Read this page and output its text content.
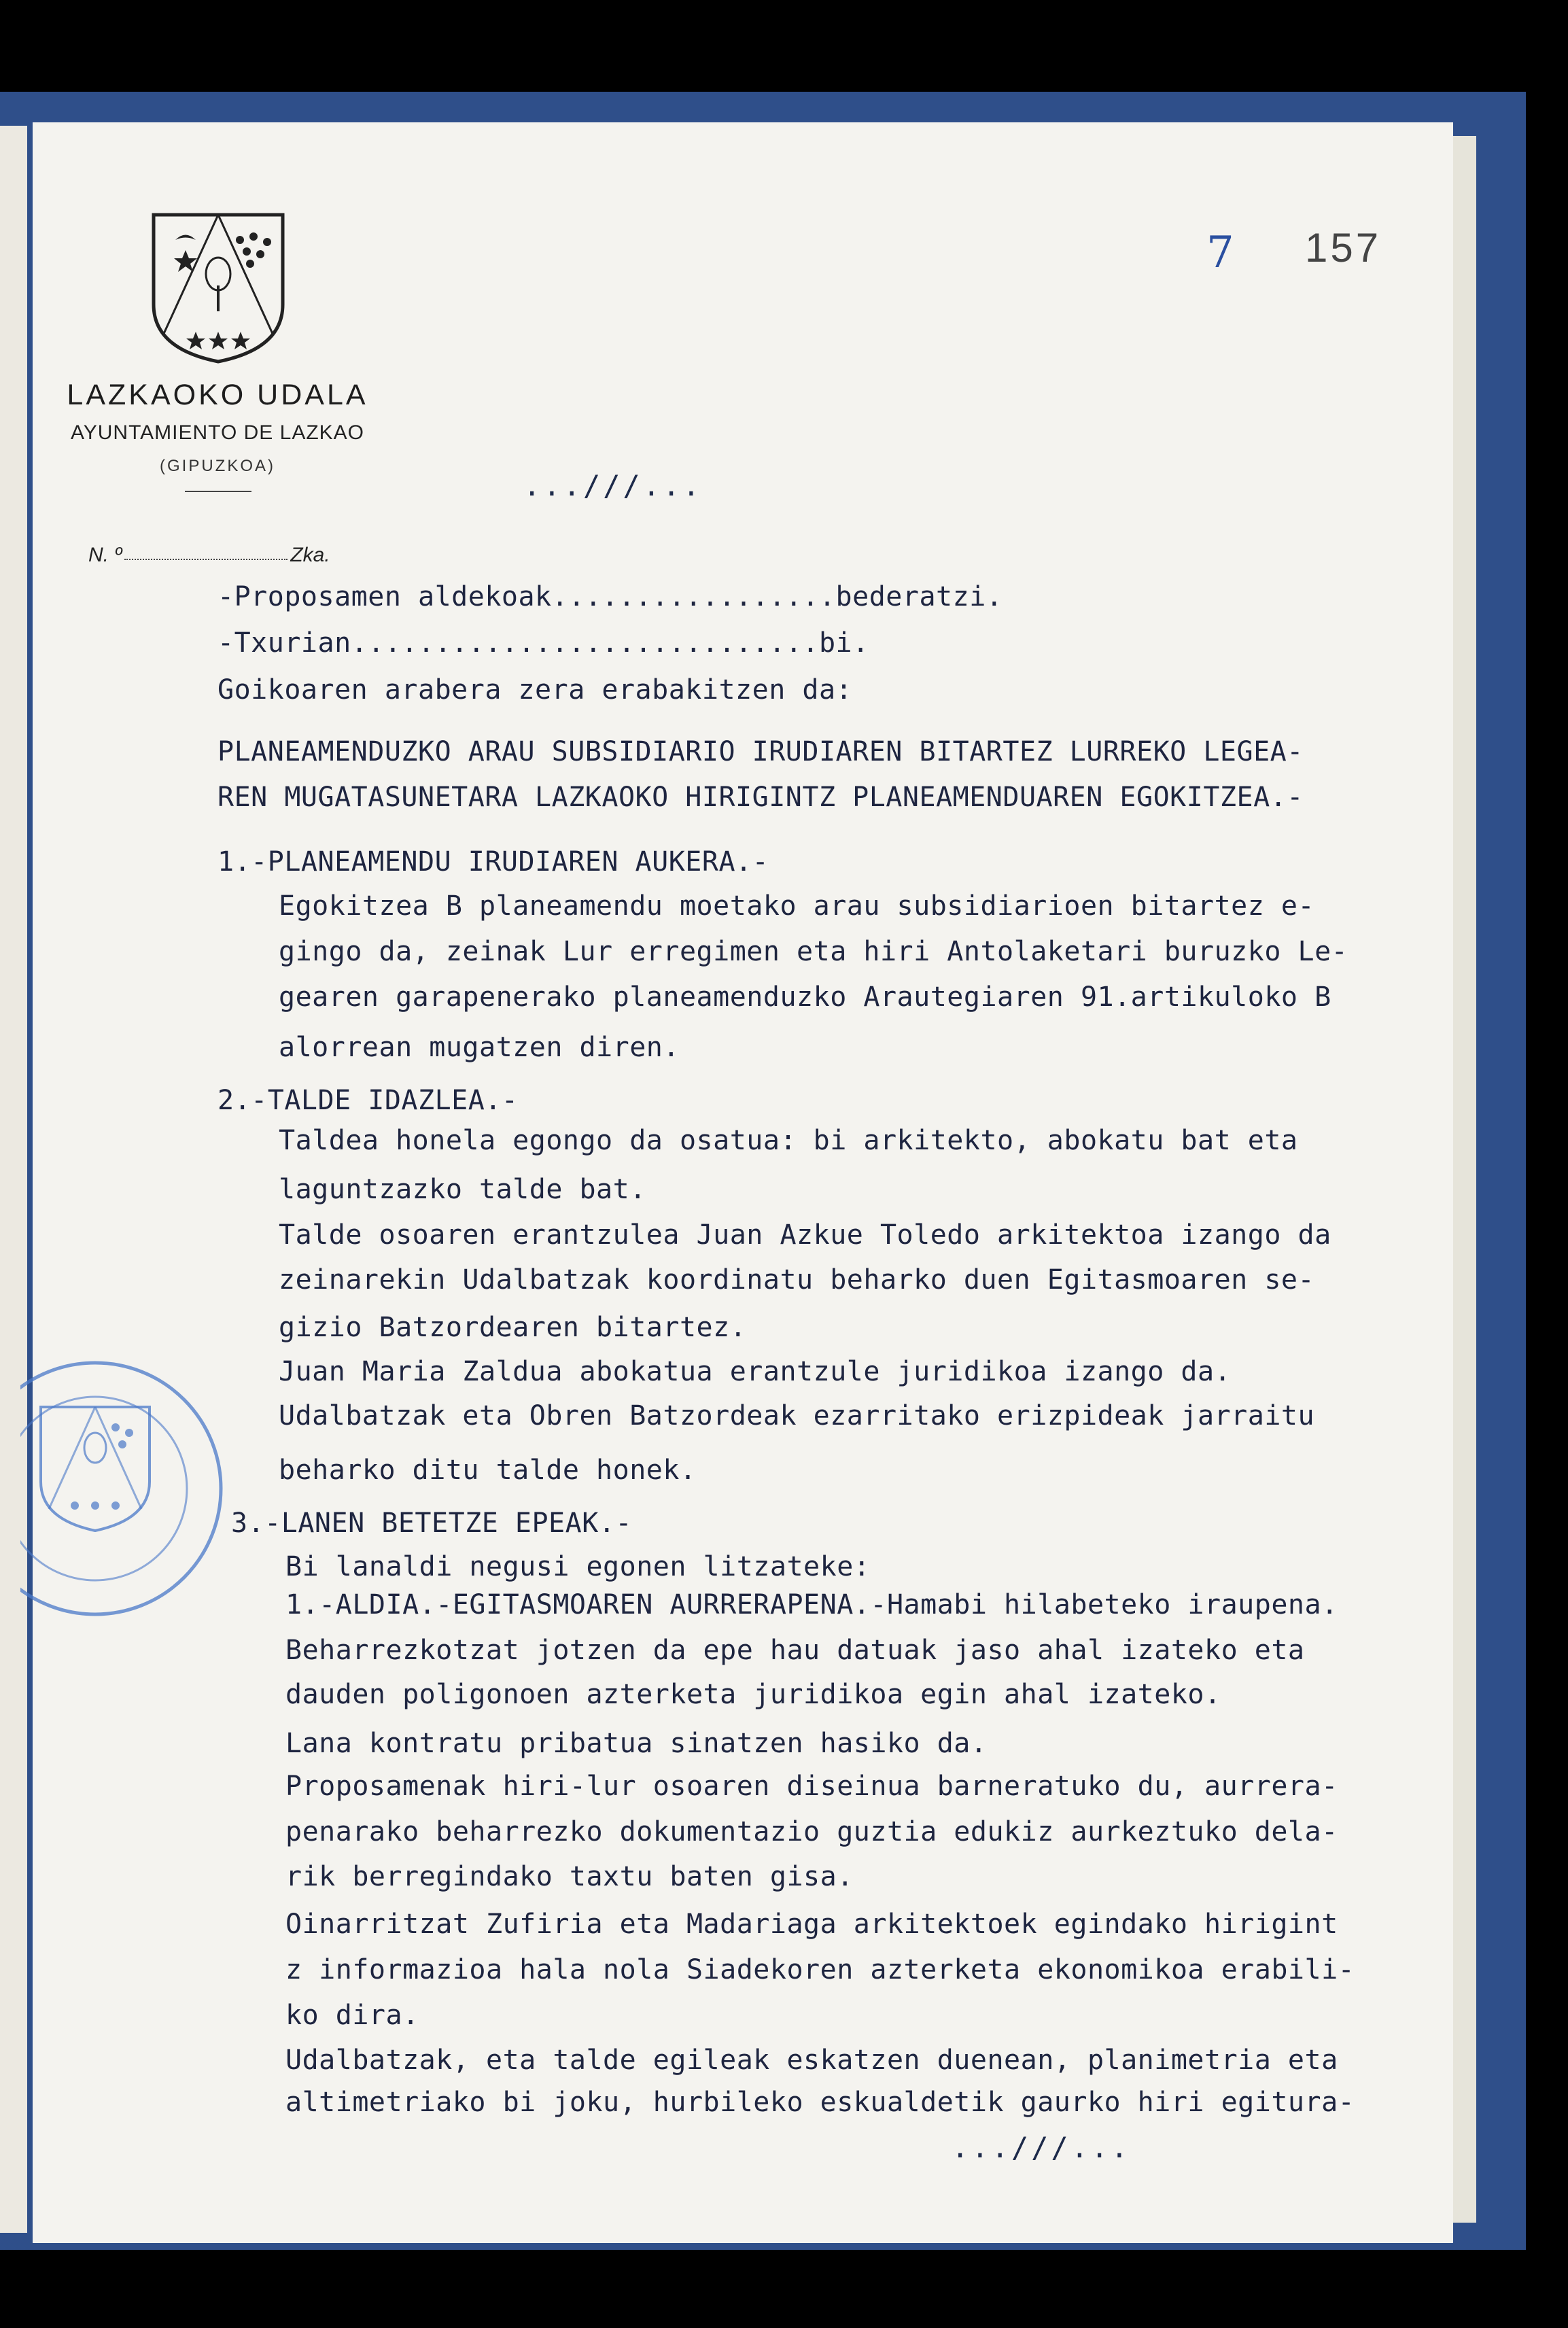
LAZKAOKO UDALA
AYUNTAMIENTO DE LAZKAO
(GIPUZKOA)
N. º	Zka.
7 157
...///...
-Proposamen aldekoak.................bederatzi.
-Txurian............................bi.
Goikoaren arabera zera erabakitzen da:
PLANEAMENDUZKO ARAU SUBSIDIARIO IRUDIAREN BITARTEZ LURREKO LEGEA-
REN MUGATASUNETARA LAZKAOKO HIRIGINTZ PLANEAMENDUAREN EGOKITZEA.-
1.-PLANEAMENDU IRUDIAREN AUKERA.-
Egokitzea B planeamendu moetako arau subsidiarioen bitartez e-
gingo da, zeinak Lur erregimen eta hiri Antolaketari buruzko Le-
gearen garapenerako planeamenduzko Arautegiaren 91.artikuloko B
alorrean mugatzen diren.
2.-TALDE IDAZLEA.-
Taldea honela egongo da osatua: bi arkitekto, abokatu bat eta
laguntzazko talde bat.
Talde osoaren erantzulea Juan Azkue Toledo arkitektoa izango da
zeinarekin Udalbatzak koordinatu beharko duen Egitasmoaren se-
gizio Batzordearen bitartez.
Juan Maria Zaldua abokatua erantzule juridikoa izango da.
Udalbatzak eta Obren Batzordeak ezarritako erizpideak jarraitu
beharko ditu talde honek.
3.-LANEN BETETZE EPEAK.-
Bi lanaldi negusi egonen litzateke:
1.-ALDIA.-EGITASMOAREN AURRERAPENA.-Hamabi hilabeteko iraupena.
Beharrezkotzat jotzen da epe hau datuak jaso ahal izateko eta
dauden poligonoen azterketa juridikoa egin ahal izateko.
Lana kontratu pribatua sinatzen hasiko da.
Proposamenak hiri-lur osoaren diseinua barneratuko du, aurrera-
penarako beharrezko dokumentazio guztia edukiz aurkeztuko dela-
rik berregindako taxtu baten gisa.
Oinarritzat Zufiria eta Madariaga arkitektoek egindako hirigint
z informazioa hala nola Siadekoren azterketa ekonomikoa erabili-
ko dira.
Udalbatzak, eta talde egileak eskatzen duenean, planimetria eta
altimetriako bi joku, hurbileko eskualdetik gaurko hiri egitura-
...///...
